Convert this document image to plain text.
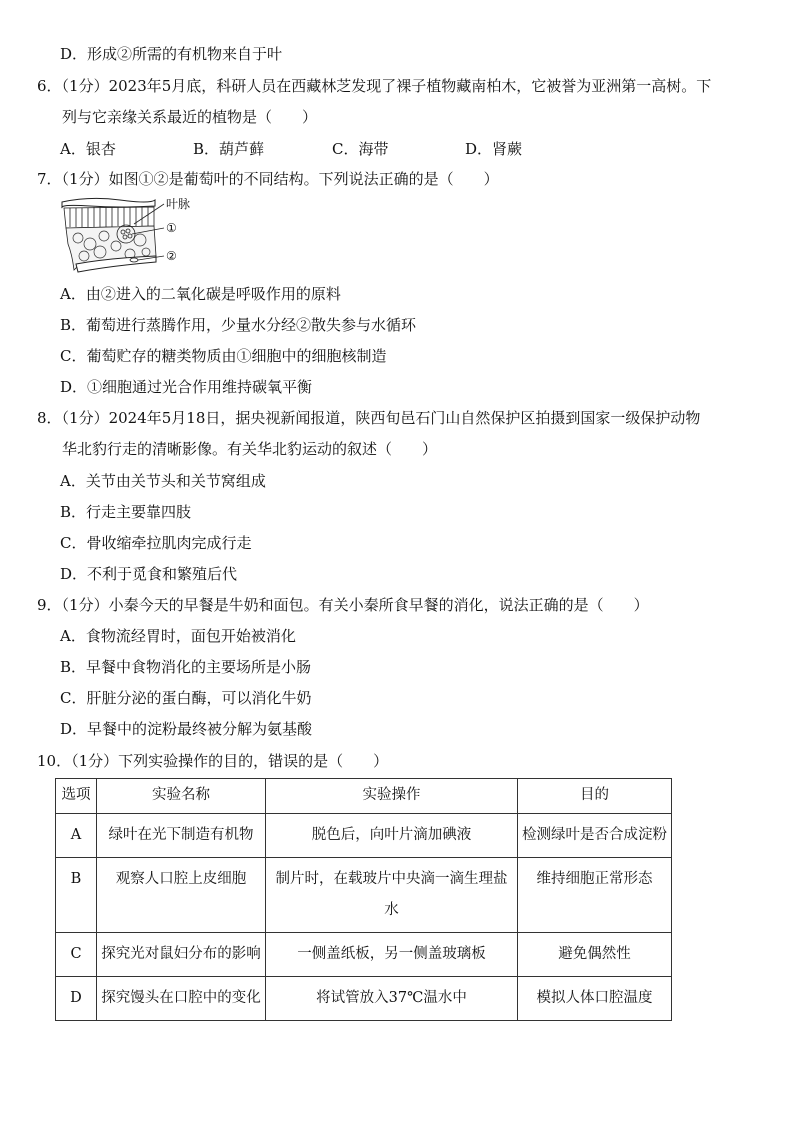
D．形成②所需的有机物来自于叶
6．（1分）2023年5月底，科研人员在西藏林芝发现了裸子植物藏南柏木，它被誉为亚洲第一高树。下
列与它亲缘关系最近的植物是（　　）
A．银杏	B．葫芦藓	C．海带	D．肾蕨
7．（1分）如图①②是葡萄叶的不同结构。下列说法正确的是（　　）
叶脉
①
②
A．由②进入的二氧化碳是呼吸作用的原料
B．葡萄进行蒸腾作用，少量水分经②散失参与水循环
C．葡萄贮存的糖类物质由①细胞中的细胞核制造
D．①细胞通过光合作用维持碳氧平衡
8．（1分）2024年5月18日，据央视新闻报道，陕西旬邑石门山自然保护区拍摄到国家一级保护动物
华北豹行走的清晰影像。有关华北豹运动的叙述（　　）
A．关节由关节头和关节窝组成
B．行走主要靠四肢
C．骨收缩牵拉肌肉完成行走
D．不利于觅食和繁殖后代
9．（1分）小秦今天的早餐是牛奶和面包。有关小秦所食早餐的消化，说法正确的是（　　）
A．食物流经胃时，面包开始被消化
B．早餐中食物消化的主要场所是小肠
C．肝脏分泌的蛋白酶，可以消化牛奶
D．早餐中的淀粉最终被分解为氨基酸
10．（1分）下列实验操作的目的，错误的是（　　）
选项	实验名称	实验操作	目的
A	绿叶在光下制造有机物	脱色后，向叶片滴加碘液	检测绿叶是否合成淀粉
B	观察人口腔上皮细胞	制片时，在载玻片中央滴一滴生理盐水	维持细胞正常形态
C	探究光对鼠妇分布的影响	一侧盖纸板，另一侧盖玻璃板	避免偶然性
D	探究馒头在口腔中的变化	将试管放入37℃温水中	模拟人体口腔温度
